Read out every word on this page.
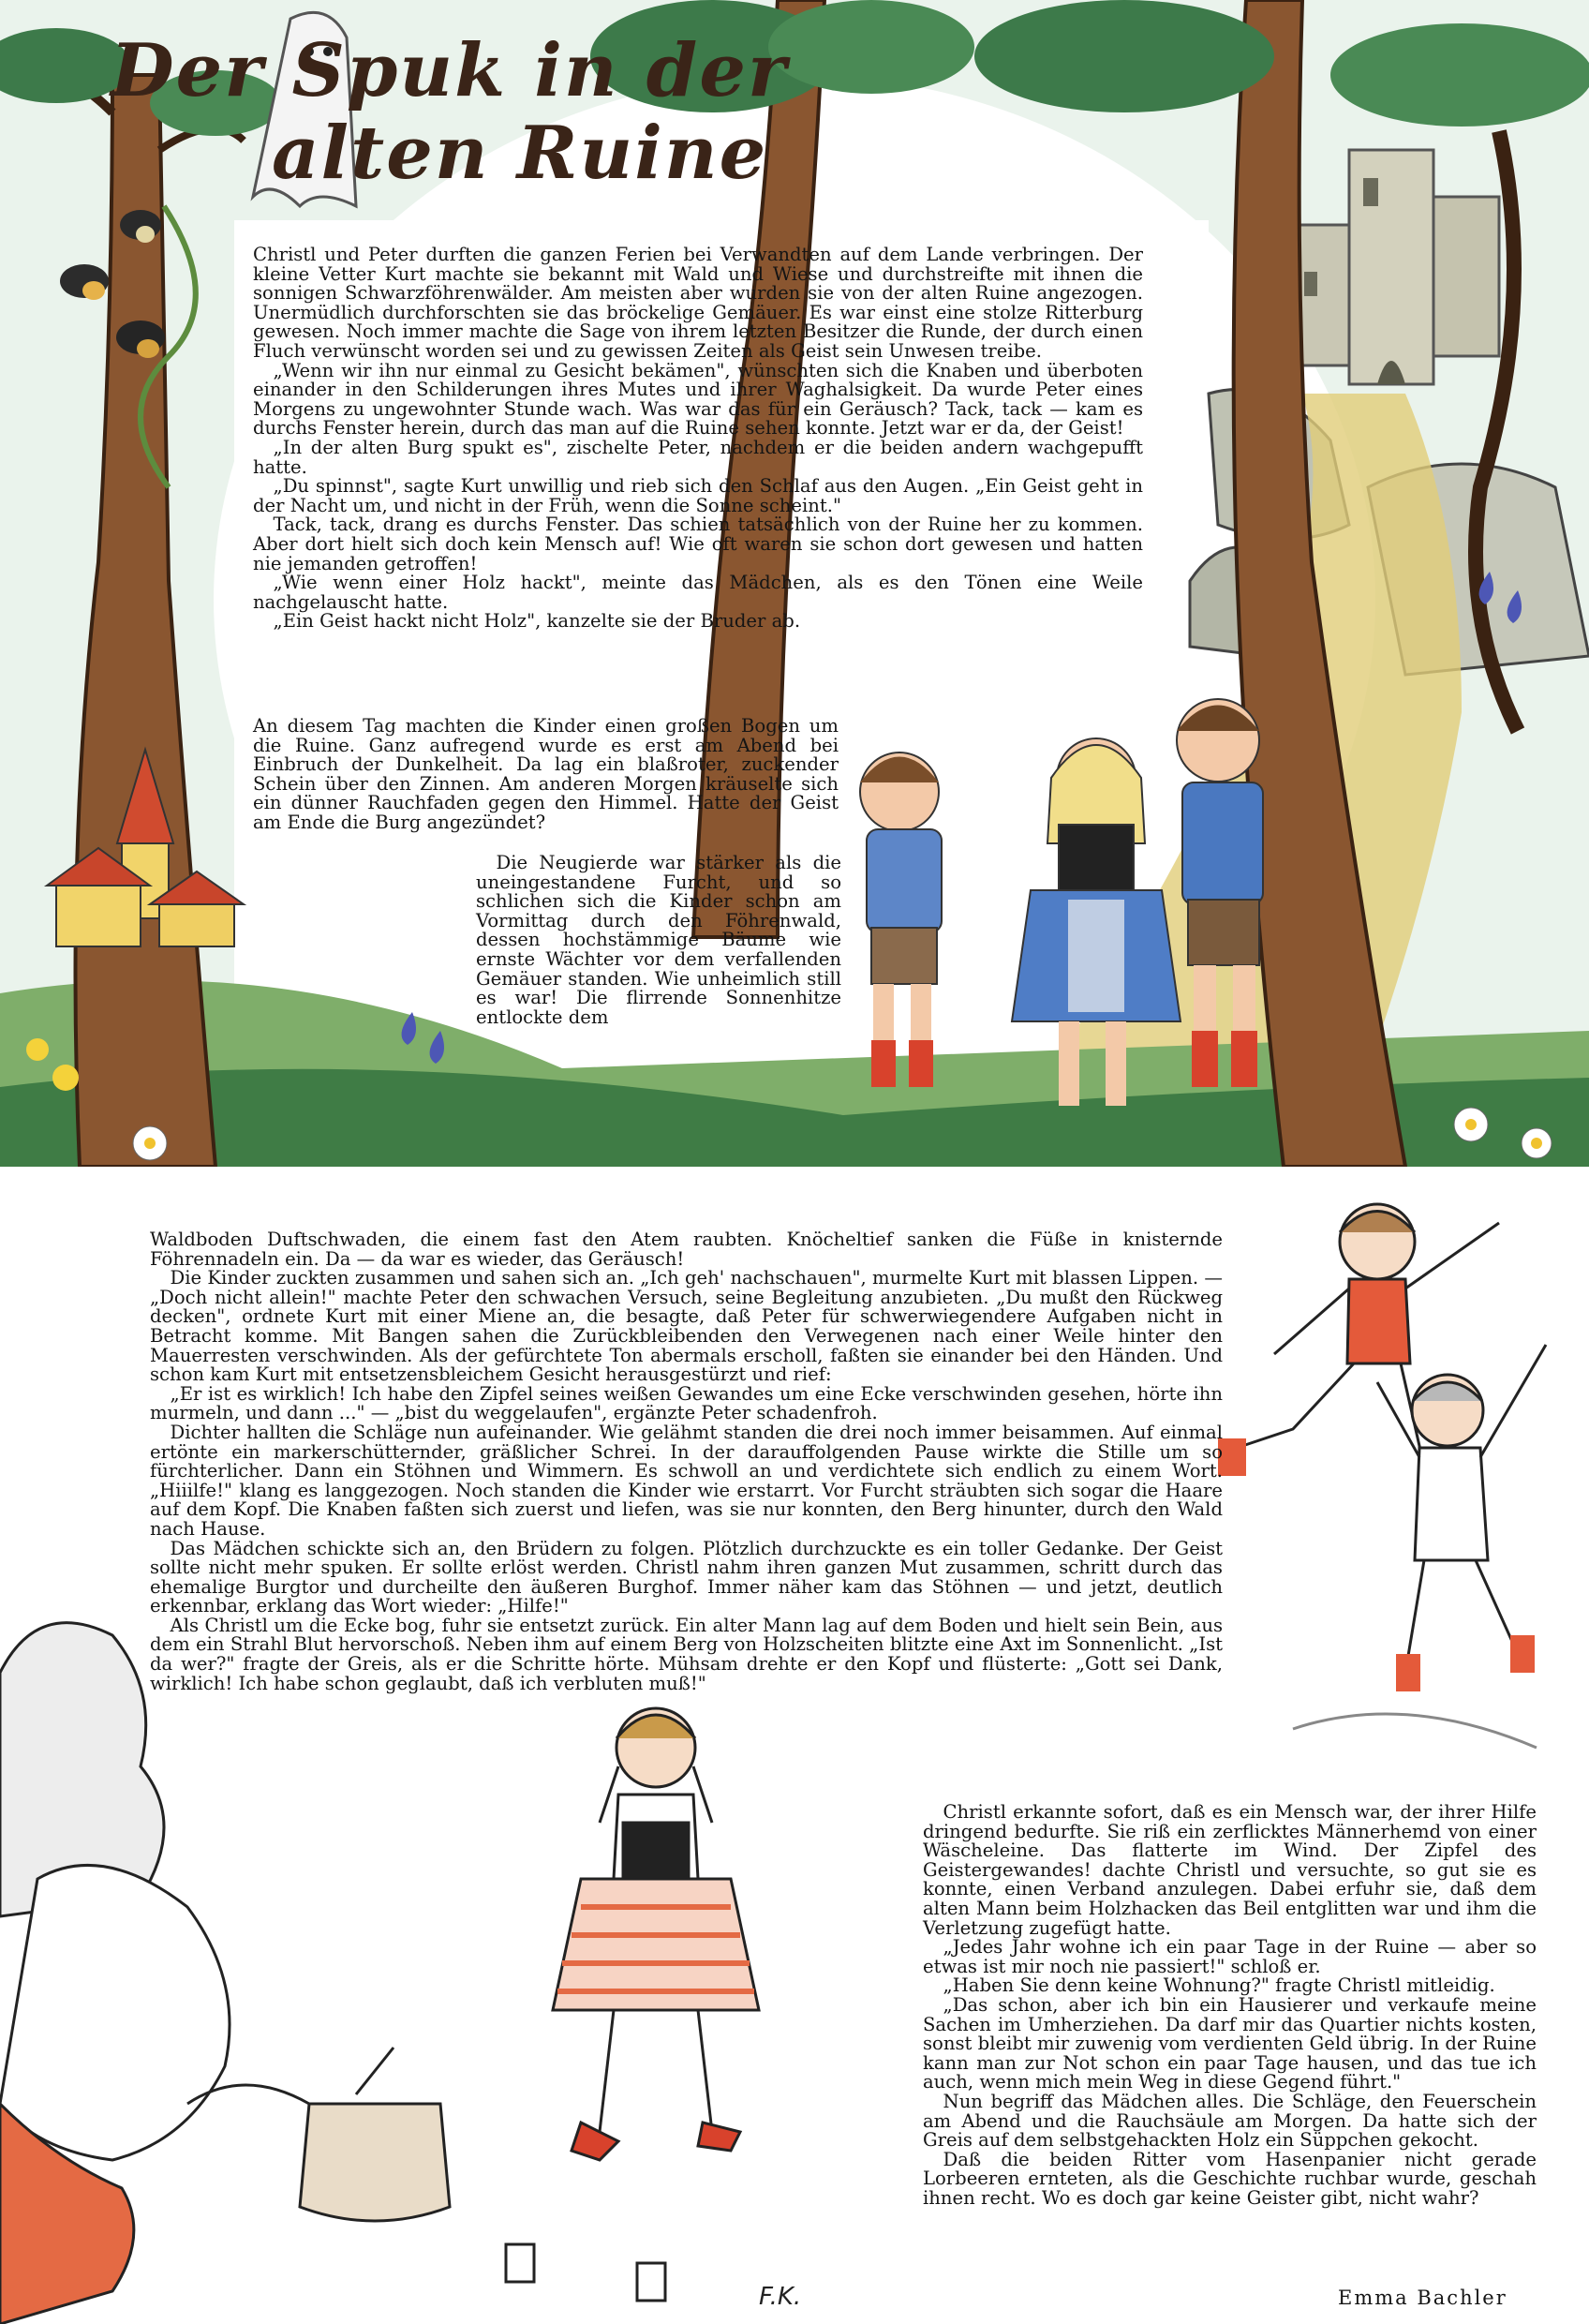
Der Spuk in der
alten Ruine

Christl und Peter durften die ganzen Ferien bei Verwandten auf dem Lande verbringen. Der kleine Vetter Kurt machte sie bekannt mit Wald und Wiese und durchstreifte mit ihnen die sonnigen Schwarzföhrenwälder. Am meisten aber wurden sie von der alten Ruine angezogen. Unermüdlich durchforschten sie das bröckelige Gemäuer. Es war einst eine stolze Ritterburg gewesen. Noch immer machte die Sage von ihrem letzten Besitzer die Runde, der durch einen Fluch verwünscht worden sei und zu gewissen Zeiten als Geist sein Unwesen treibe.

„Wenn wir ihn nur einmal zu Gesicht bekämen", wünschten sich die Knaben und überboten einander in den Schilderungen ihres Mutes und ihrer Waghalsigkeit. Da wurde Peter eines Morgens zu ungewohnter Stunde wach. Was war das für ein Geräusch? Tack, tack — kam es durchs Fenster herein, durch das man auf die Ruine sehen konnte. Jetzt war er da, der Geist!

„In der alten Burg spukt es", zischelte Peter, nachdem er die beiden andern wachgepufft hatte.

„Du spinnst", sagte Kurt unwillig und rieb sich den Schlaf aus den Augen. „Ein Geist geht in der Nacht um, und nicht in der Früh, wenn die Sonne scheint."

Tack, tack, drang es durchs Fenster. Das schien tatsächlich von der Ruine her zu kommen. Aber dort hielt sich doch kein Mensch auf! Wie oft waren sie schon dort gewesen und hatten nie jemanden getroffen!

„Wie wenn einer Holz hackt", meinte das Mädchen, als es den Tönen eine Weile nachgelauscht hatte.

„Ein Geist hackt nicht Holz", kanzelte sie der Bruder ab.

An diesem Tag machten die Kinder einen großen Bogen um die Ruine. Ganz aufregend wurde es erst am Abend bei Einbruch der Dunkelheit. Da lag ein blaßroter, zuckender Schein über den Zinnen. Am anderen Morgen kräuselte sich ein dünner Rauchfaden gegen den Himmel. Hatte der Geist am Ende die Burg angezündet?

Die Neugierde war stärker als die uneingestandene Furcht, und so schlichen sich die Kinder schon am Vormittag durch den Föhrenwald, dessen hochstämmige Bäume wie ernste Wächter vor dem verfallenden Gemäuer standen. Wie unheimlich still es war! Die flirrende Sonnenhitze entlockte dem

Waldboden Duftschwaden, die einem fast den Atem raubten. Knöcheltief sanken die Füße in knisternde Föhrennadeln ein. Da — da war es wieder, das Geräusch!

Die Kinder zuckten zusammen und sahen sich an. „Ich geh' nachschauen", murmelte Kurt mit blassen Lippen. — „Doch nicht allein!" machte Peter den schwachen Versuch, seine Begleitung anzubieten. „Du mußt den Rückweg decken", ordnete Kurt mit einer Miene an, die besagte, daß Peter für schwerwiegendere Aufgaben nicht in Betracht komme. Mit Bangen sahen die Zurückbleibenden den Verwegenen nach einer Weile hinter den Mauerresten verschwinden. Als der gefürchtete Ton abermals erscholl, faßten sie einander bei den Händen. Und schon kam Kurt mit entsetzensbleichem Gesicht herausgestürzt und rief:

„Er ist es wirklich! Ich habe den Zipfel seines weißen Gewandes um eine Ecke verschwinden gesehen, hörte ihn murmeln, und dann ..." — „bist du weggelaufen", ergänzte Peter schadenfroh.

Dichter hallten die Schläge nun aufeinander. Wie gelähmt standen die drei noch immer beisammen. Auf einmal ertönte ein markerschütternder, gräßlicher Schrei. In der darauffolgenden Pause wirkte die Stille um so fürchterlicher. Dann ein Stöhnen und Wimmern. Es schwoll an und verdichtete sich endlich zu einem Wort. „Hiiilfe!" klang es langgezogen. Noch standen die Kinder wie erstarrt. Vor Furcht sträubten sich sogar die Haare auf dem Kopf. Die Knaben faßten sich zuerst und liefen, was sie nur konnten, den Berg hinunter, durch den Wald nach Hause.

Das Mädchen schickte sich an, den Brüdern zu folgen. Plötzlich durchzuckte es ein toller Gedanke. Der Geist sollte nicht mehr spuken. Er sollte erlöst werden. Christl nahm ihren ganzen Mut zusammen, schritt durch das ehemalige Burgtor und durcheilte den äußeren Burghof. Immer näher kam das Stöhnen — und jetzt, deutlich erkennbar, erklang das Wort wieder: „Hilfe!"

Als Christl um die Ecke bog, fuhr sie entsetzt zurück. Ein alter Mann lag auf dem Boden und hielt sein Bein, aus dem ein Strahl Blut hervorschoß. Neben ihm auf einem Berg von Holzscheiten blitzte eine Axt im Sonnenlicht. „Ist da wer?" fragte der Greis, als er die Schritte hörte. Mühsam drehte er den Kopf und flüsterte: „Gott sei Dank, wirklich! Ich habe schon geglaubt, daß ich verbluten muß!"

Christl erkannte sofort, daß es ein Mensch war, der ihrer Hilfe dringend bedurfte. Sie riß ein zerflicktes Männerhemd von einer Wäscheleine. Das flatterte im Wind. Der Zipfel des Geistergewandes! dachte Christl und versuchte, so gut sie es konnte, einen Verband anzulegen. Dabei erfuhr sie, daß dem alten Mann beim Holzhacken das Beil entglitten war und ihm die Verletzung zugefügt hatte.

„Jedes Jahr wohne ich ein paar Tage in der Ruine — aber so etwas ist mir noch nie passiert!" schloß er.

„Haben Sie denn keine Wohnung?" fragte Christl mitleidig.

„Das schon, aber ich bin ein Hausierer und verkaufe meine Sachen im Umherziehen. Da darf mir das Quartier nichts kosten, sonst bleibt mir zuwenig vom verdienten Geld übrig. In der Ruine kann man zur Not schon ein paar Tage hausen, und das tue ich auch, wenn mich mein Weg in diese Gegend führt."

Nun begriff das Mädchen alles. Die Schläge, den Feuerschein am Abend und die Rauchsäule am Morgen. Da hatte sich der Greis auf dem selbstgehackten Holz ein Süppchen gekocht.

Daß die beiden Ritter vom Hasenpanier nicht gerade Lorbeeren ernteten, als die Geschichte ruchbar wurde, geschah ihnen recht. Wo es doch gar keine Geister gibt, nicht wahr?

Emma Bachler
F.K.
